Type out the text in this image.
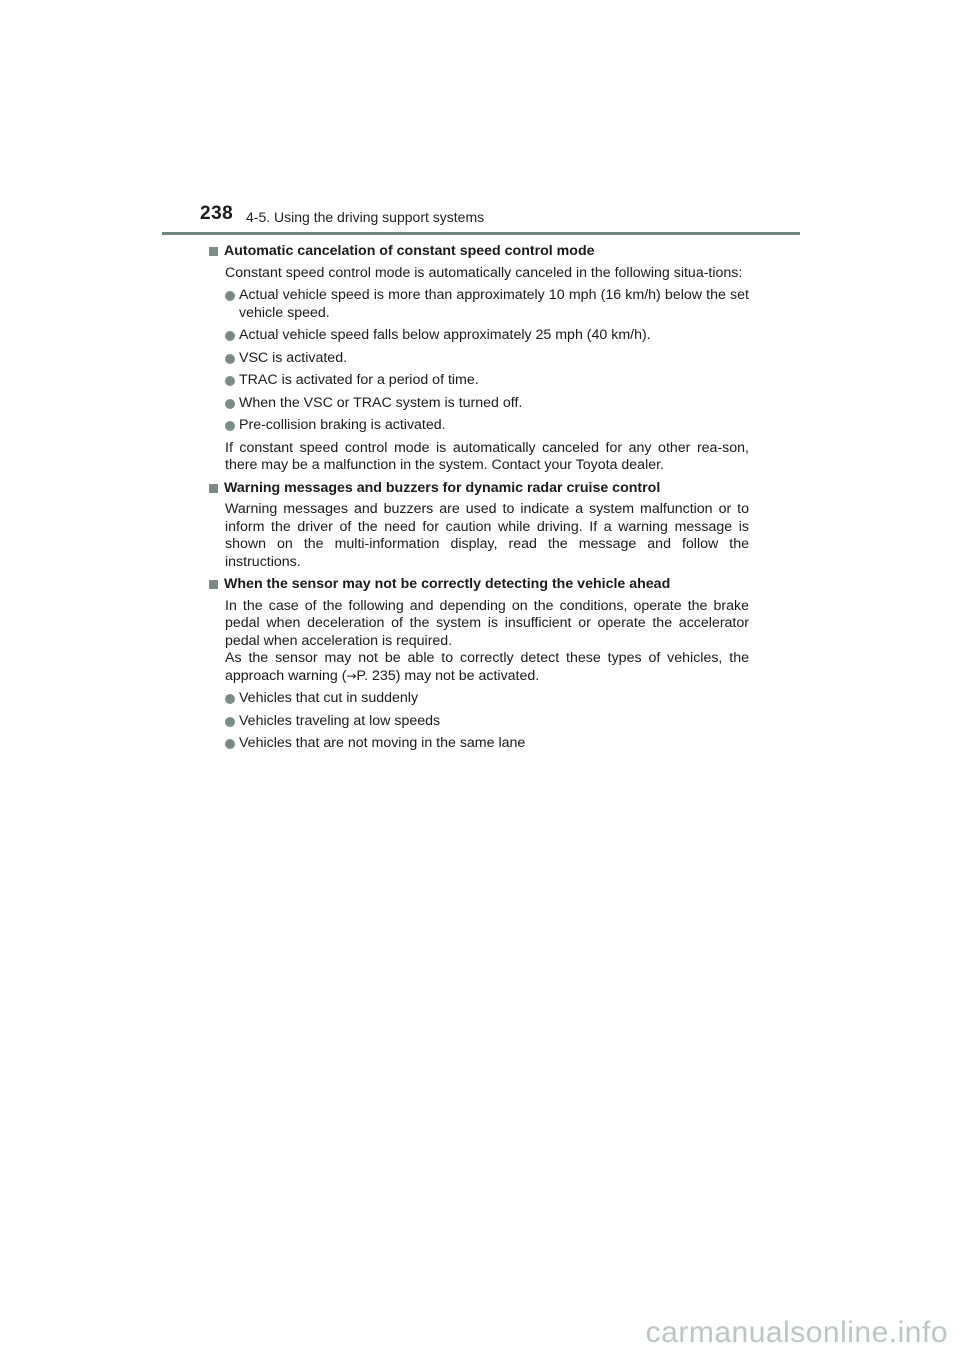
238 4-5. Using the driving support systems
Automatic cancelation of constant speed control mode
Constant speed control mode is automatically canceled in the following situa-tions:
Actual vehicle speed is more than approximately 10 mph (16 km/h) below the set vehicle speed.
Actual vehicle speed falls below approximately 25 mph (40 km/h).
VSC is activated.
TRAC is activated for a period of time.
When the VSC or TRAC system is turned off.
Pre-collision braking is activated.
If constant speed control mode is automatically canceled for any other rea-son, there may be a malfunction in the system. Contact your Toyota dealer.
Warning messages and buzzers for dynamic radar cruise control
Warning messages and buzzers are used to indicate a system malfunction or to inform the driver of the need for caution while driving. If a warning message is shown on the multi-information display, read the message and follow the instructions.
When the sensor may not be correctly detecting the vehicle ahead
In the case of the following and depending on the conditions, operate the brake pedal when deceleration of the system is insufficient or operate the accelerator pedal when acceleration is required.
As the sensor may not be able to correctly detect these types of vehicles, the approach warning (→P. 235) may not be activated.
Vehicles that cut in suddenly
Vehicles traveling at low speeds
Vehicles that are not moving in the same lane
carmanualsonline.info
